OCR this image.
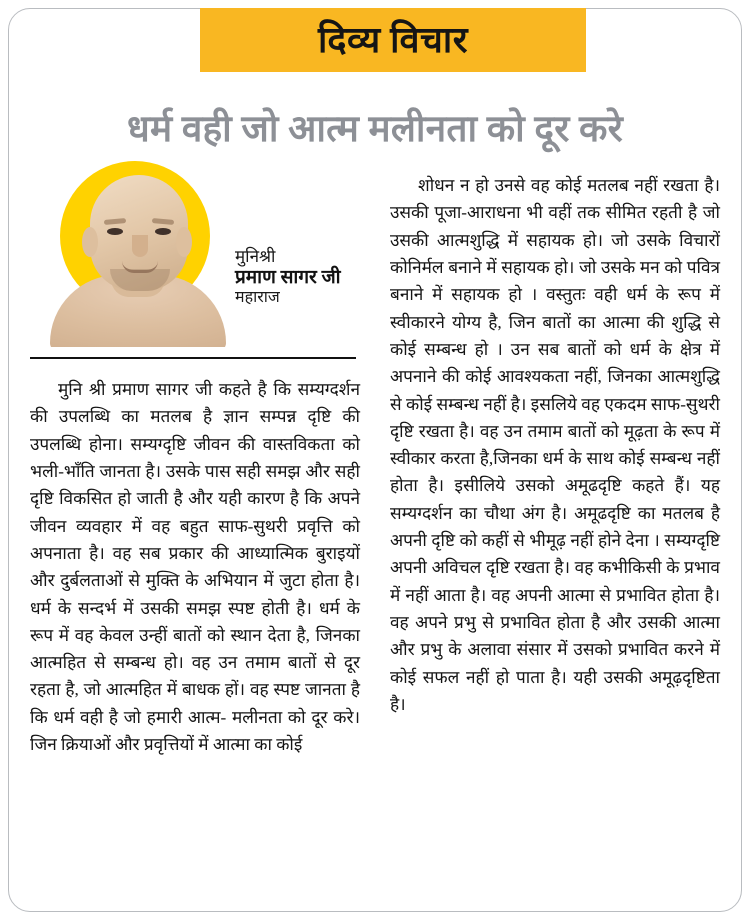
दिव्य विचार
धर्म वही जो आत्म मलीनता को दूर करे
मुनिश्री
प्रमाण सागर जी
महाराज

मुनि श्री प्रमाण सागर जी कहते है कि सम्यग्दर्शन की उपलब्धि का मतलब है ज्ञान सम्पन्न दृष्टि की उपलब्धि होना। सम्यग्दृष्टि जीवन की वास्तविकता को भली-भाँति जानता है। उसके पास सही समझ और सही दृष्टि विकसित हो जाती है और यही कारण है कि अपने जीवन व्यवहार में वह बहुत साफ-सुथरी प्रवृत्ति को अपनाता है। वह सब प्रकार की आध्यात्मिक बुराइयों और दुर्बलताओं से मुक्ति के अभियान में जुटा होता है। धर्म के सन्दर्भ में उसकी समझ स्पष्ट होती है। धर्म के रूप में वह केवल उन्हीं बातों को स्थान देता है, जिनका आत्महित से सम्बन्ध हो। वह उन तमाम बातों से दूर रहता है, जो आत्महित में बाधक हों। वह स्पष्ट जानता है कि धर्म वही है जो हमारी आत्म- मलीनता को दूर करे। जिन क्रियाओं और प्रवृत्तियों में आत्मा का कोई

शोधन न हो उनसे वह कोई मतलब नहीं रखता है। उसकी पूजा-आराधना भी वहीं तक सीमित रहती है जो उसकी आत्मशुद्धि में सहायक हो। जो उसके विचारों कोनिर्मल बनाने में सहायक हो। जो उसके मन को पवित्र बनाने में सहायक हो । वस्तुतः वही धर्म के रूप में स्वीकारने योग्य है, जिन बातों का आत्मा की शुद्धि से कोई सम्बन्ध हो । उन सब बातों को धर्म के क्षेत्र में अपनाने की कोई आवश्यकता नहीं, जिनका आत्मशुद्धि से कोई सम्बन्ध नहीं है। इसलिये वह एकदम साफ-सुथरी दृष्टि रखता है। वह उन तमाम बातों को मूढ़ता के रूप में स्वीकार करता है,जिनका धर्म के साथ कोई सम्बन्ध नहीं होता है। इसीलिये उसको अमूढदृष्टि कहते हैं। यह सम्यग्दर्शन का चौथा अंग है। अमूढदृष्टि का मतलब है अपनी दृष्टि को कहीं से भीमूढ़ नहीं होने देना । सम्यग्दृष्टि अपनी अविचल दृष्टि रखता है। वह कभीकिसी के प्रभाव में नहीं आता है। वह अपनी आत्मा से प्रभावित होता है। वह अपने प्रभु से प्रभावित होता है और उसकी आत्मा और प्रभु के अलावा संसार में उसको प्रभावित करने में कोई सफल नहीं हो पाता है। यही उसकी अमूढ़दृष्टिता है।
